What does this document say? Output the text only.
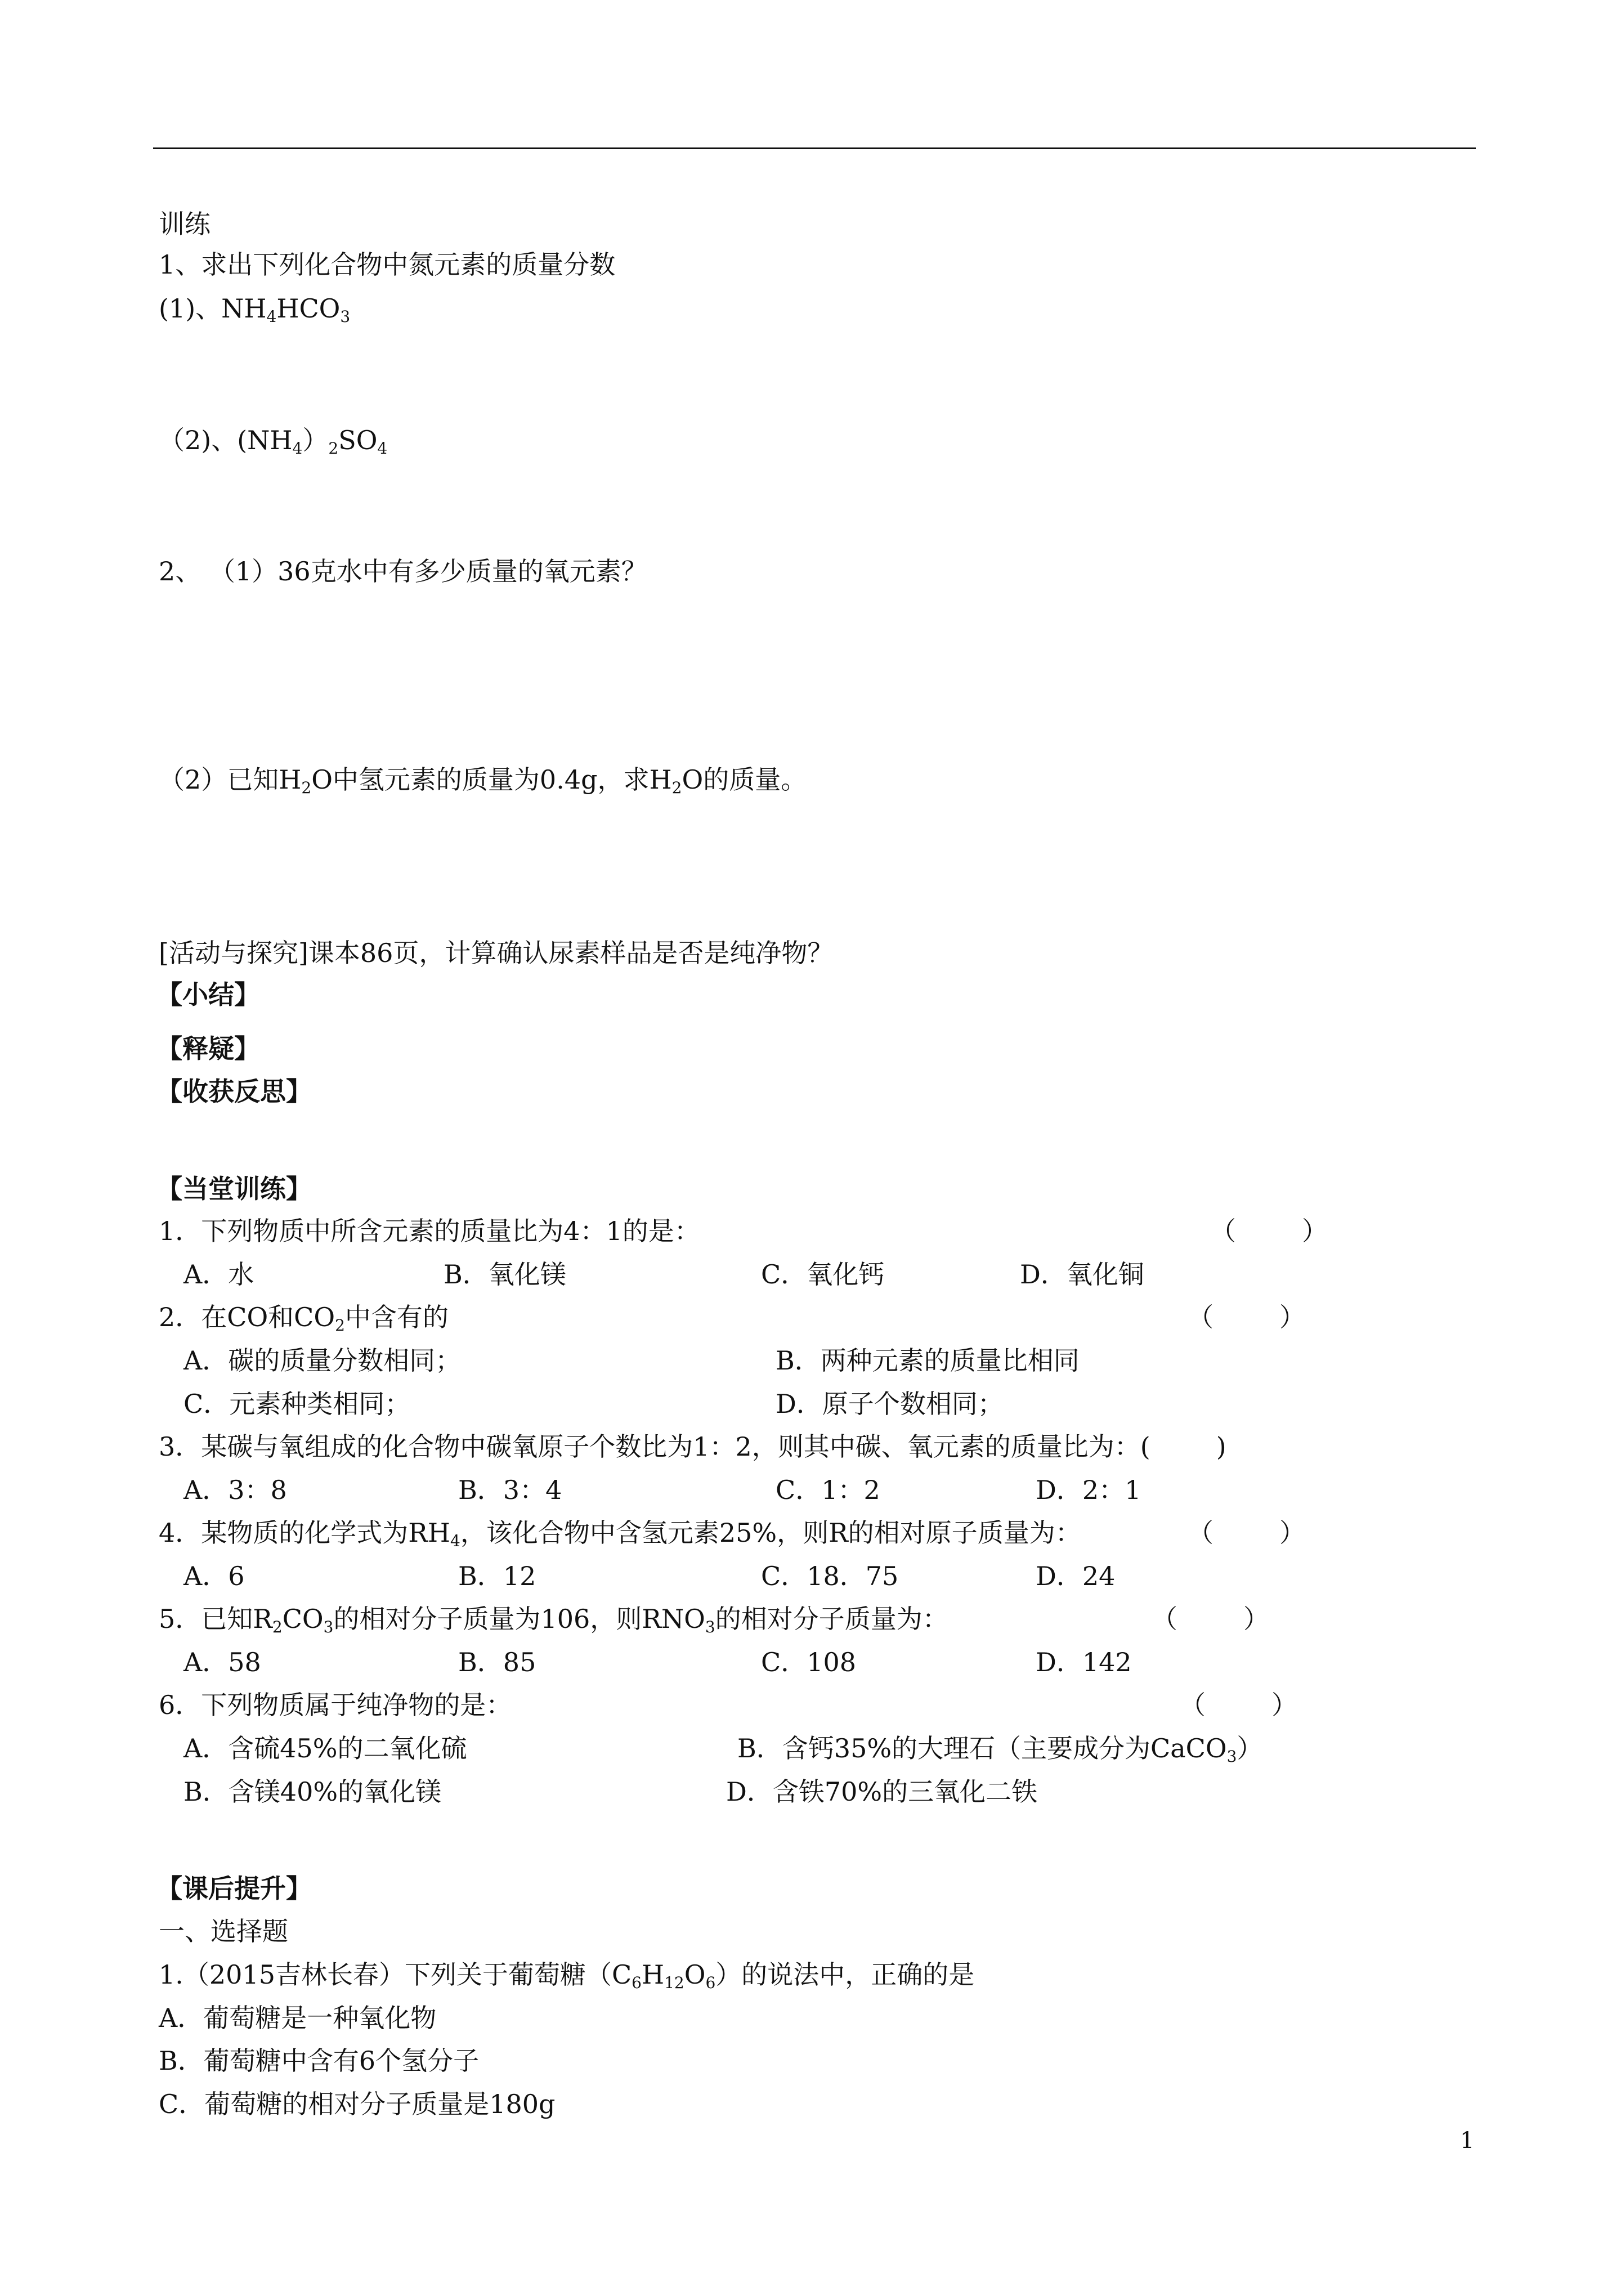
训练
1、求出下列化合物中氮元素的质量分数
(1)、$NH_4HCO_3$
（2)、$(NH_4)_2SO_4$
2、 （1）36克水中有多少质量的氧元素？
（2）已知$H_2O$中氢元素的质量为0.4g，求$H_2O$的质量。
[活动与探究]课本86页，计算确认尿素样品是否是纯净物？
【小结】
【释疑】
【收获反思】
【当堂训练】
1．下列物质中所含元素的质量比为4：1的是：	（        ）
A．水	B．氧化镁	C．氧化钙	D．氧化铜
2．在CO和$CO_2$中含有的	（        ）
A．碳的质量分数相同；	B．两种元素的质量比相同
C．元素种类相同；	D．原子个数相同；
3．某碳与氧组成的化合物中碳氧原子个数比为1：2，则其中碳、氧元素的质量比为：(        )
A．3：8	B．3：4	C．1：2	D．2：1
4．某物质的化学式为$RH_4$，该化合物中含氢元素25%，则R的相对原子质量为：	（        ）
A．6	B．12	C．18．75	D．24
5．已知$R_2CO_3$的相对分子质量为106，则$RNO_3$的相对分子质量为：	（        ）
A．58	B．85	C．108	D．142
6．下列物质属于纯净物的是：	（        ）
A．含硫45%的二氧化硫	B．含钙35%的大理石（主要成分为CaCO$_3$）
B．含镁40%的氧化镁	D．含铁70%的三氧化二铁
【课后提升】
一、选择题
1.（2015吉林长春）下列关于葡萄糖$(C_6H_{12}O_6)$的说法中，正确的是
A．葡萄糖是一种氧化物
B．葡萄糖中含有6个氢分子
C．葡萄糖的相对分子质量是180g
1
